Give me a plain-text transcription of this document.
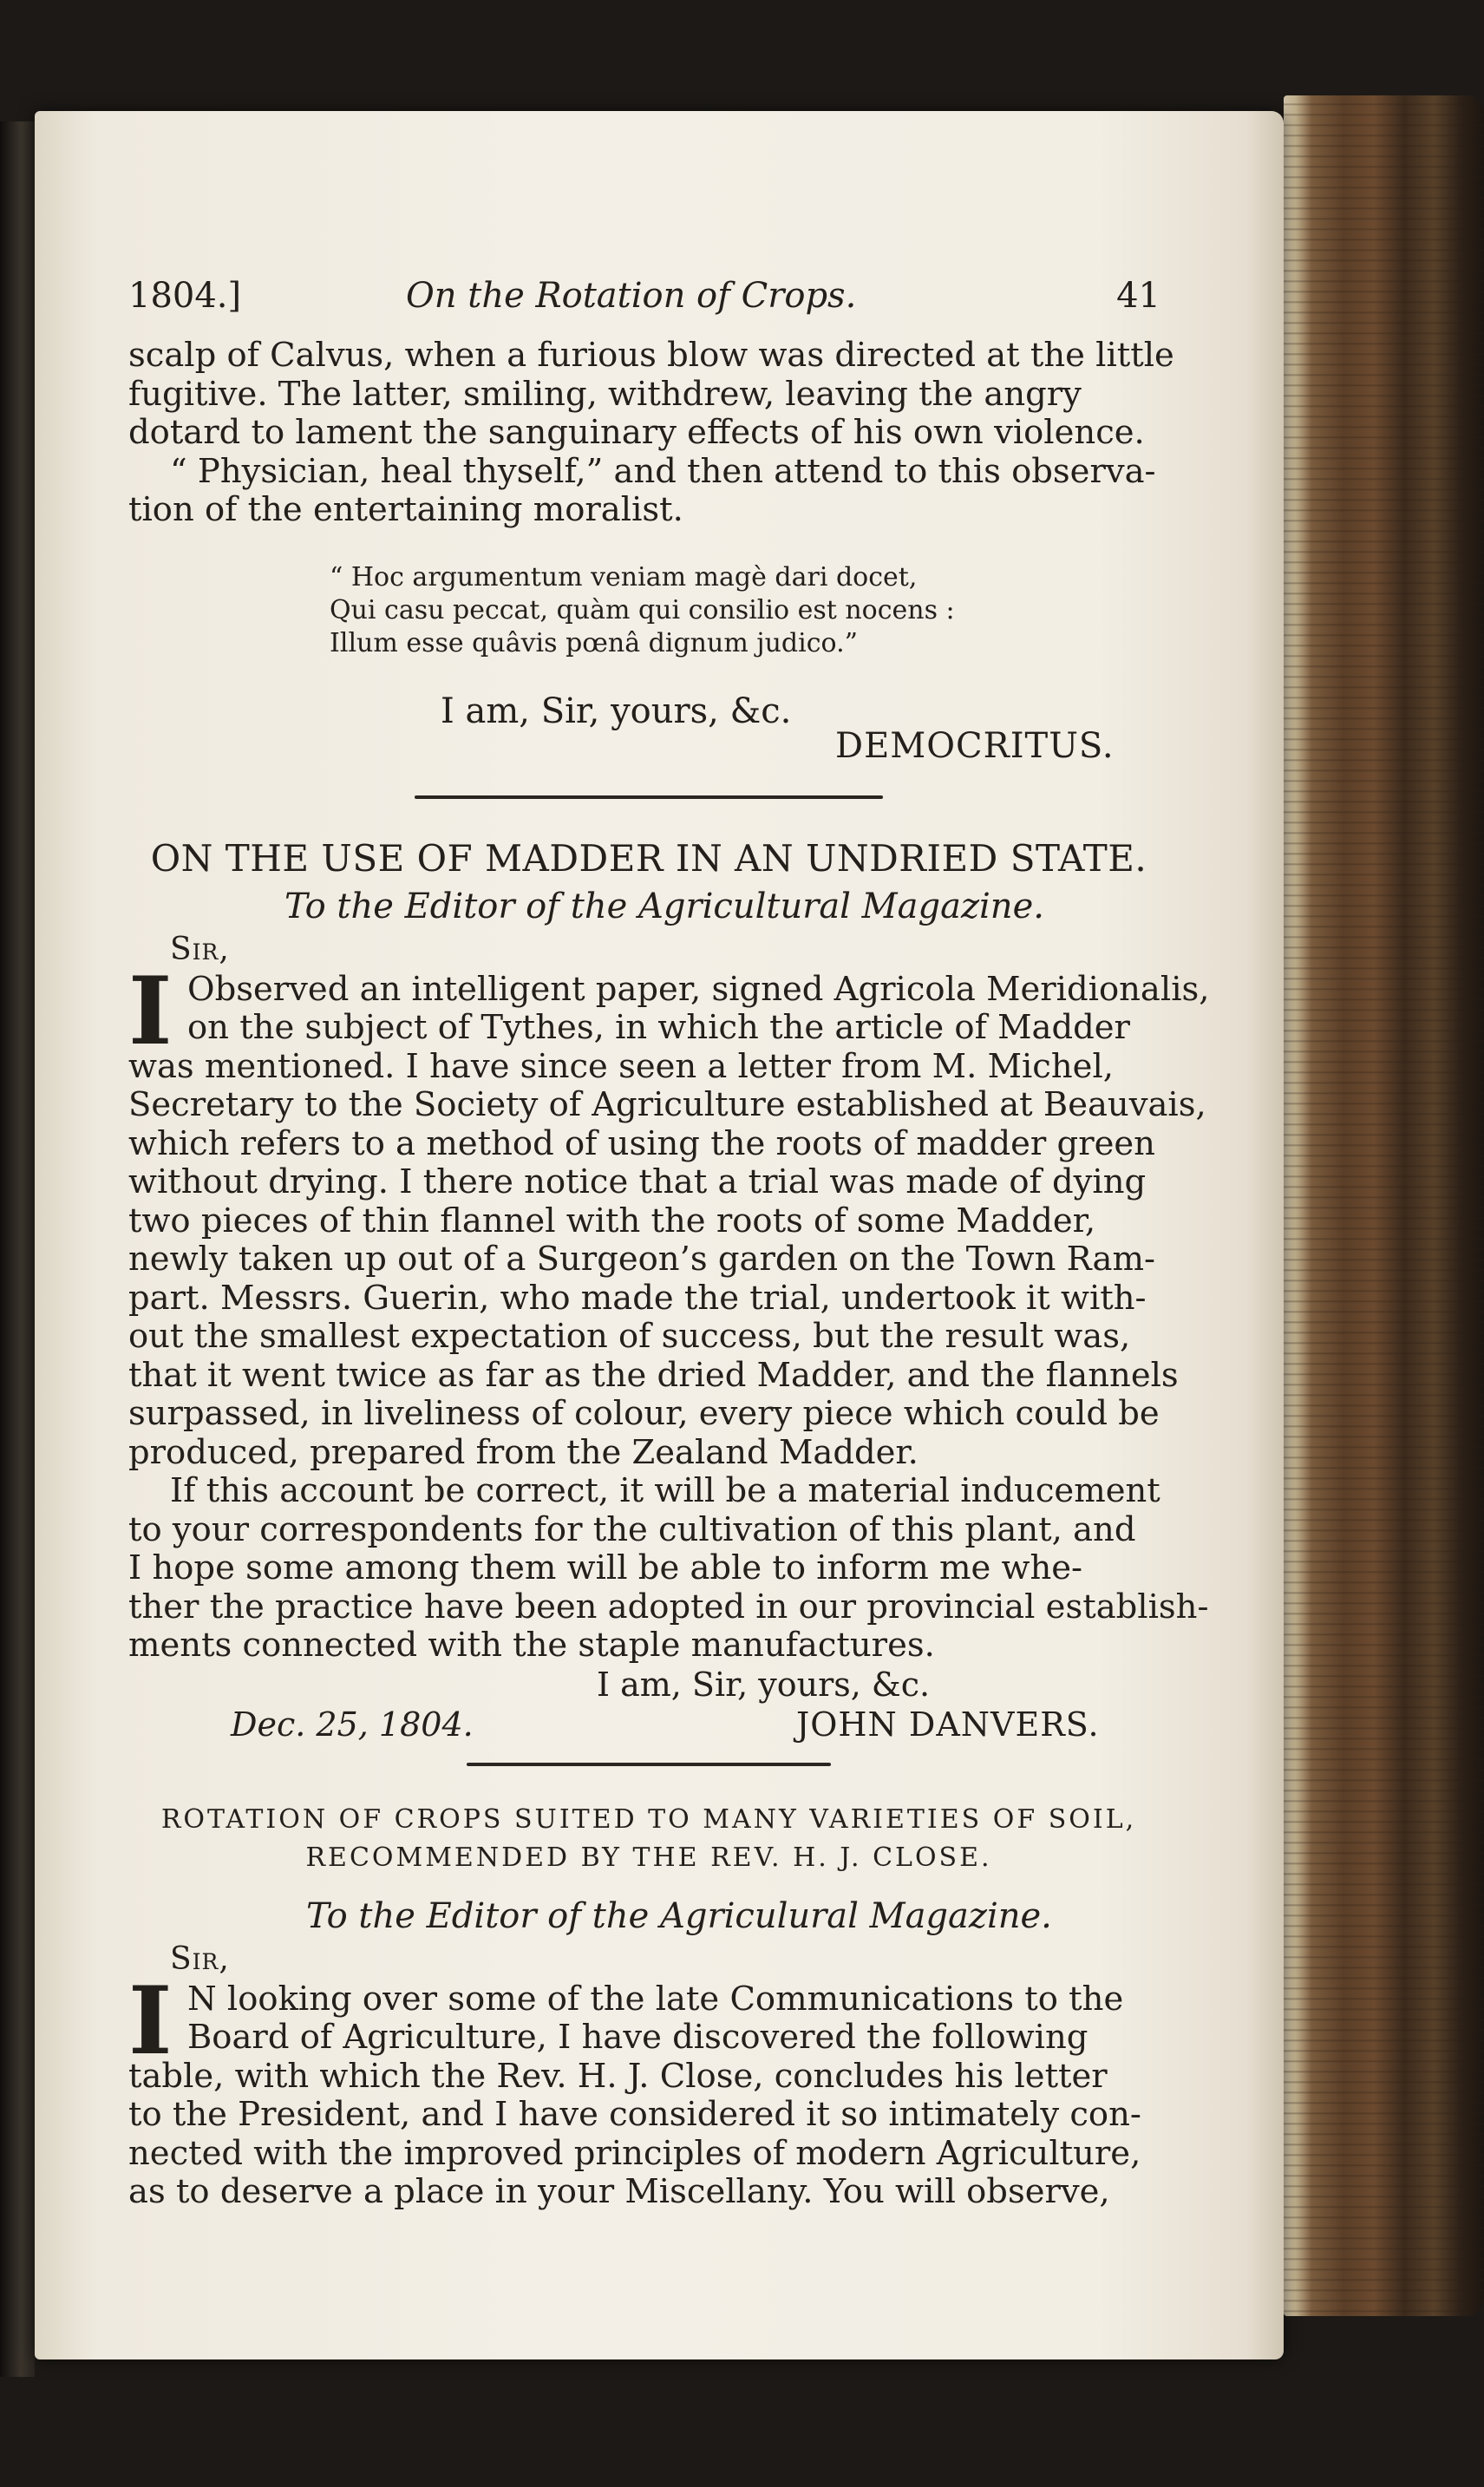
1804.]	On the Rotation of Crops.	41

scalp of Calvus, when a furious blow was directed at the little
fugitive. The latter, smiling, withdrew, leaving the angry
dotard to lament the sanguinary effects of his own violence.
“ Physician, heal thyself,” and then attend to this observa-
tion of the entertaining moralist.

“ Hoc argumentum veniam magè dari docet,
Qui casu peccat, quàm qui consilio est nocens :
Illum esse quâvis pœnâ dignum judico.”
I am, Sir, yours, &c.
DEMOCRITUS.
ON THE USE OF MADDER IN AN UNDRIED STATE.
To the Editor of the Agricultural Magazine.
Sir,
I Observed an intelligent paper, signed Agricola Meridionalis,
on the subject of Tythes, in which the article of Madder

was mentioned. I have since seen a letter from M. Michel,
Secretary to the Society of Agriculture established at Beauvais,
which refers to a method of using the roots of madder green
without drying. I there notice that a trial was made of dying
two pieces of thin flannel with the roots of some Madder,
newly taken up out of a Surgeon’s garden on the Town Ram-
part. Messrs. Guerin, who made the trial, undertook it with-
out the smallest expectation of success, but the result was,
that it went twice as far as the dried Madder, and the flannels
surpassed, in liveliness of colour, every piece which could be
produced, prepared from the Zealand Madder.

If this account be correct, it will be a material inducement
to your correspondents for the cultivation of this plant, and
I hope some among them will be able to inform me whe-
ther the practice have been adopted in our provincial establish-
ments connected with the staple manufactures.

I am, Sir, yours, &c.
Dec. 25, 1804.	JOHN DANVERS.
ROTATION OF CROPS SUITED TO MANY VARIETIES OF SOIL,
RECOMMENDED BY THE REV. H. J. CLOSE.
To the Editor of the Agriculural Magazine.
Sir,
I N looking over some of the late Communications to the
Board of Agriculture, I have discovered the following

table, with which the Rev. H. J. Close, concludes his letter
to the President, and I have considered it so intimately con-
nected with the improved principles of modern Agriculture,
as to deserve a place in your Miscellany. You will observe,
